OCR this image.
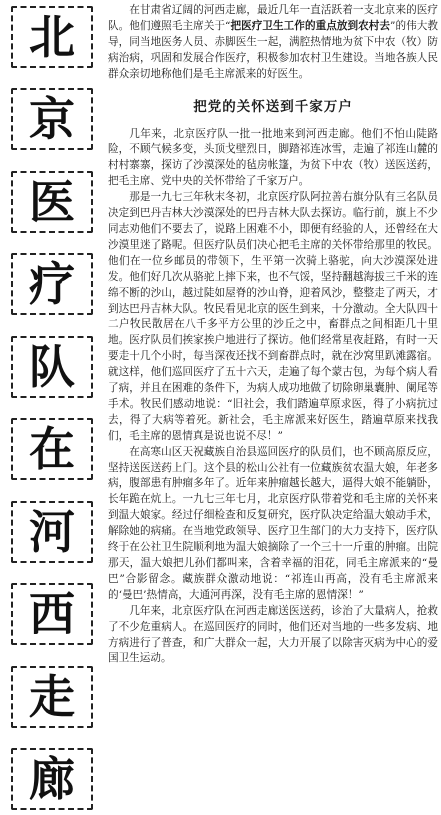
北
京
医
疗
队
在
河
西
走
廊

在甘肃省辽阔的河西走廊，最近几年一直活跃着一支北京来的医疗队。他们遵照毛主席关于“把医疗卫生工作的重点放到农村去”的伟大教导，同当地医务人员、赤脚医生一起，满腔热情地为贫下中农（牧）防病治病，巩固和发展合作医疗，积极参加农村卫生建设。当地各族人民群众亲切地称他们是毛主席派来的好医生。

把党的关怀送到千家万户

几年来，北京医疗队一批一批地来到河西走廊。他们不怕山陡路险，不顾气候多变，头顶戈壁烈日，脚踏祁连冰雪，走遍了祁连山麓的村村寨寨，探访了沙漠深处的毡房帐篷，为贫下中农（牧）送医送药，把毛主席、党中央的关怀带给了千家万户。

那是一九七三年秋末冬初，北京医疗队阿拉善右旗分队有三名队员决定到巴丹吉林大沙漠深处的巴丹吉林大队去探访。临行前，旗上不少同志劝他们不要去了，说路上困难不小，即便有经验的人，还曾经在大沙漠里迷了路呢。但医疗队员们决心把毛主席的关怀带给那里的牧民。他们在一位乡邮员的带领下，生平第一次骑上骆驼，向大沙漠深处进发。他们好几次从骆驼上摔下来，也不气馁，坚持翻越海拔三千米的连绵不断的沙山，越过陡如屋脊的沙山脊，迎着风沙，整整走了两天，才到达巴丹吉林大队。牧民看见北京的医生到来，十分激动。全大队四十二户牧民散居在八千多平方公里的沙丘之中，畜群点之间相距几十里地。医疗队员们挨家挨户地进行了探访。他们经常星夜赶路，有时一天要走十几个小时，每当深夜还找不到畜群点时，就在沙窝里趴滩露宿。就这样，他们巡回医疗了五十六天，走遍了每个蒙古包，为每个病人看了病，并且在困难的条件下，为病人成功地做了切除卵巢囊肿、阑尾等手术。牧民们感动地说：“旧社会，我们踏遍草原求医，得了小病抗过去，得了大病等着死。新社会，毛主席派来好医生，踏遍草原来找我们，毛主席的恩情真是说也说不尽！”

在高寒山区天祝藏族自治县巡回医疗的队员们，也不顾高原反应，坚持送医送药上门。这个县的松山公社有一位藏族贫农温大娘，年老多病，腹部患有肿瘤多年了。近年来肿瘤越长越大，逼得大娘不能躺卧，长年跪在炕上。一九七三年七月，北京医疗队带着党和毛主席的关怀来到温大娘家。经过仔细检查和反复研究，医疗队决定给温大娘动手术，解除她的病痛。在当地党政领导、医疗卫生部门的大力支持下，医疗队终于在公社卫生院顺利地为温大娘摘除了一个三十一斤重的肿瘤。出院那天，温大娘把儿孙们都叫来，含着幸福的泪花，同毛主席派来的“曼巴”合影留念。藏族群众激动地说：“祁连山再高，没有毛主席派来的‘曼巴’热情高，大通河再深，没有毛主席的恩情深！”

几年来，北京医疗队在河西走廊送医送药，诊治了大量病人，抢救了不少危重病人。在巡回医疗的同时，他们还对当地的一些多发病、地方病进行了普查，和广大群众一起，大力开展了以除害灭病为中心的爱国卫生运动。
